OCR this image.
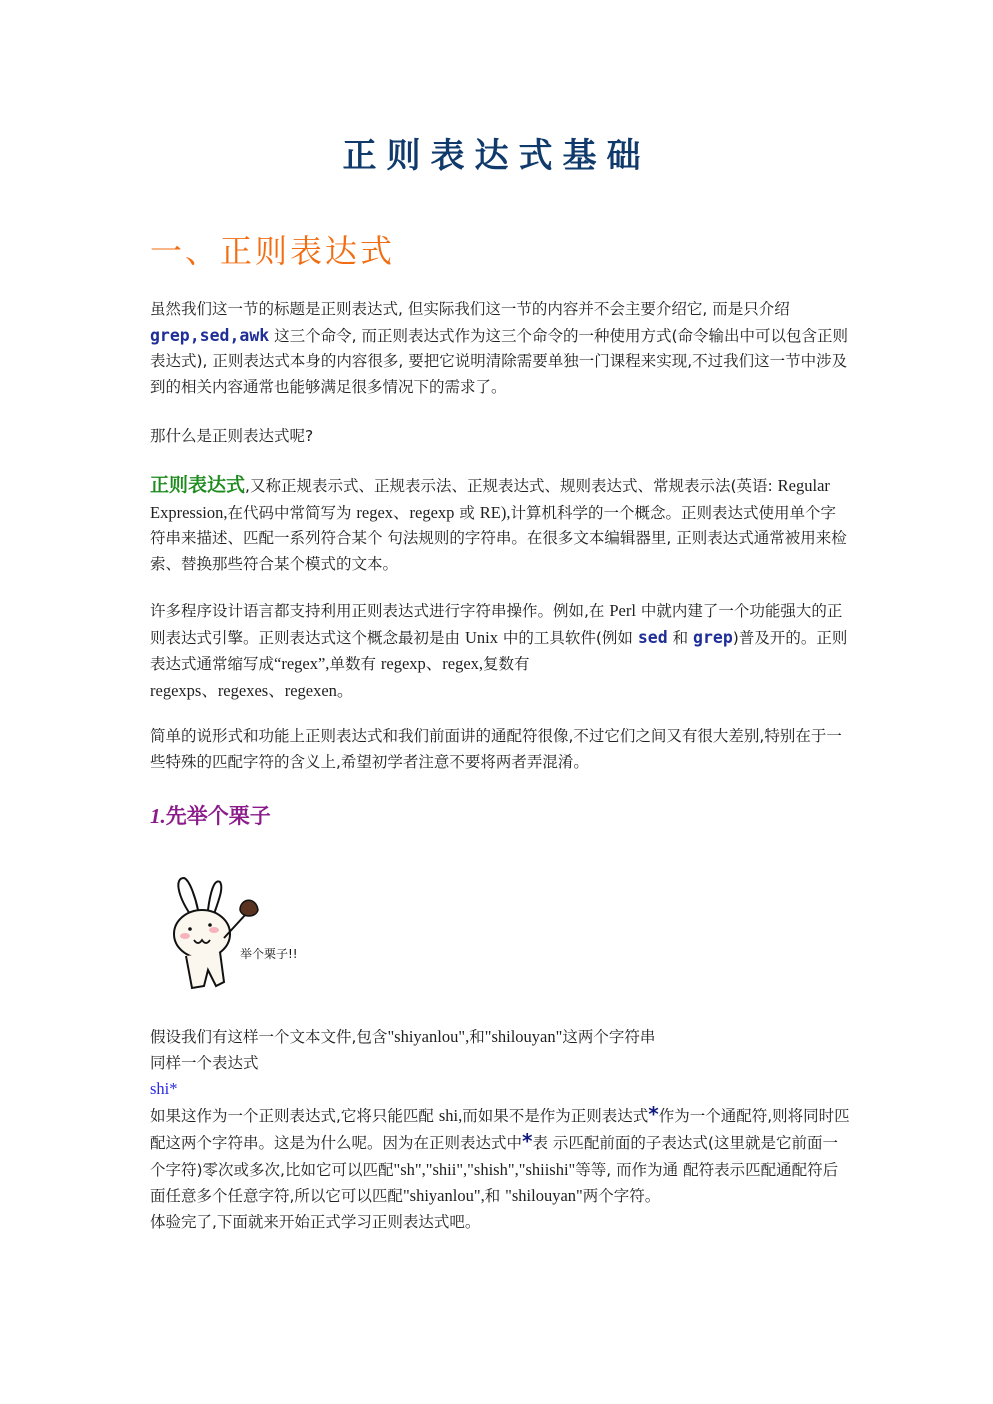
正则表达式基础
一、正则表达式
虽然我们这一节的标题是正则表达式, 但实际我们这一节的内容并不会主要介绍它, 而是只介绍 grep,sed,awk 这三个命令, 而正则表达式作为这三个命令的一种使用方式(命令输出中可以包含正则表达式), 正则表达式本身的内容很多, 要把它说明清除需要单独一门课程来实现,不过我们这一节中涉及到的相关内容通常也能够满足很多情况下的需求了。
那什么是正则表达式呢?
正则表达式,又称正规表示式、正规表示法、正规表达式、规则表达式、常规表示法(英语: Regular Expression,在代码中常简写为 regex、regexp 或 RE),计算机科学的一个概念。正则表达式使用单个字符串来描述、匹配一系列符合某个 句法规则的字符串。在很多文本编辑器里, 正则表达式通常被用来检索、替换那些符合某个模式的文本。
许多程序设计语言都支持利用正则表达式进行字符串操作。例如,在 Perl 中就内建了一个功能强大的正则表达式引擎。正则表达式这个概念最初是由 Unix 中的工具软件(例如 sed 和 grep)普及开的。正则表达式通常缩写成“regex”,单数有 regexp、regex,复数有
regexps、regexes、regexen。
简单的说形式和功能上正则表达式和我们前面讲的通配符很像,不过它们之间又有很大差别,特别在于一些特殊的匹配字符的含义上,希望初学者注意不要将两者弄混淆。
1.先举个栗子
举个栗子!!
假设我们有这样一个文本文件,包含"shiyanlou",和"shilouyan"这两个字符串
同样一个表达式
shi*
如果这作为一个正则表达式,它将只能匹配 shi,而如果不是作为正则表达式*作为一个通配符,则将同时匹配这两个字符串。这是为什么呢。因为在正则表达式中*表 示匹配前面的子表达式(这里就是它前面一个字符)零次或多次,比如它可以匹配"sh","shii","shish","shiishi"等等, 而作为通 配符表示匹配通配符后面任意多个任意字符,所以它可以匹配"shiyanlou",和 "shilouyan"两个字符。
体验完了,下面就来开始正式学习正则表达式吧。
